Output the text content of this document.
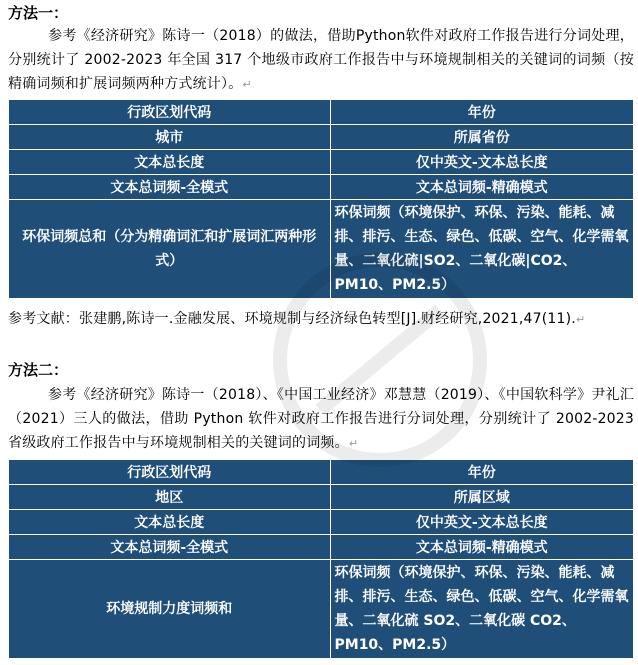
方法一：
参考《经济研究》陈诗一（2018）的做法，借助Python软件对政府工作报告进行分词处理，分别统计了 2002-2023 年全国 317 个地级市政府工作报告中与环境规制相关的关键词的词频（按精确词频和扩展词频两种方式统计）。↵
行政区划代码	年份
城市	所属省份
文本总长度	仅中英文-文本总长度
文本总词频-全模式	文本总词频-精确模式
环保词频总和（分为精确词汇和扩展词汇两种形式）	环保词频（环境保护、环保、污染、能耗、减排、排污、生态、绿色、低碳、空气、化学需氧量、二氧化硫|SO2、二氧化碳|CO2、PM10、PM2.5）
参考文献：张建鹏,陈诗一.金融发展、环境规制与经济绿色转型[J].财经研究,2021,47(11).↵
方法二：
参考《经济研究》陈诗一（2018）、《中国工业经济》邓慧慧（2019）、《中国软科学》尹礼汇（2021）三人的做法，借助 Python 软件对政府工作报告进行分词处理，分别统计了 2002-2023 省级政府工作报告中与环境规制相关的关键词的词频。↵
行政区划代码	年份
地区	所属区域
文本总长度	仅中英文-文本总长度
文本总词频-全模式	文本总词频-精确模式
环境规制力度词频和	环保词频（环境保护、环保、污染、能耗、减排、排污、生态、绿色、低碳、空气、化学需氧量、二氧化硫 SO2、二氧化碳 CO2、PM10、PM2.5）
